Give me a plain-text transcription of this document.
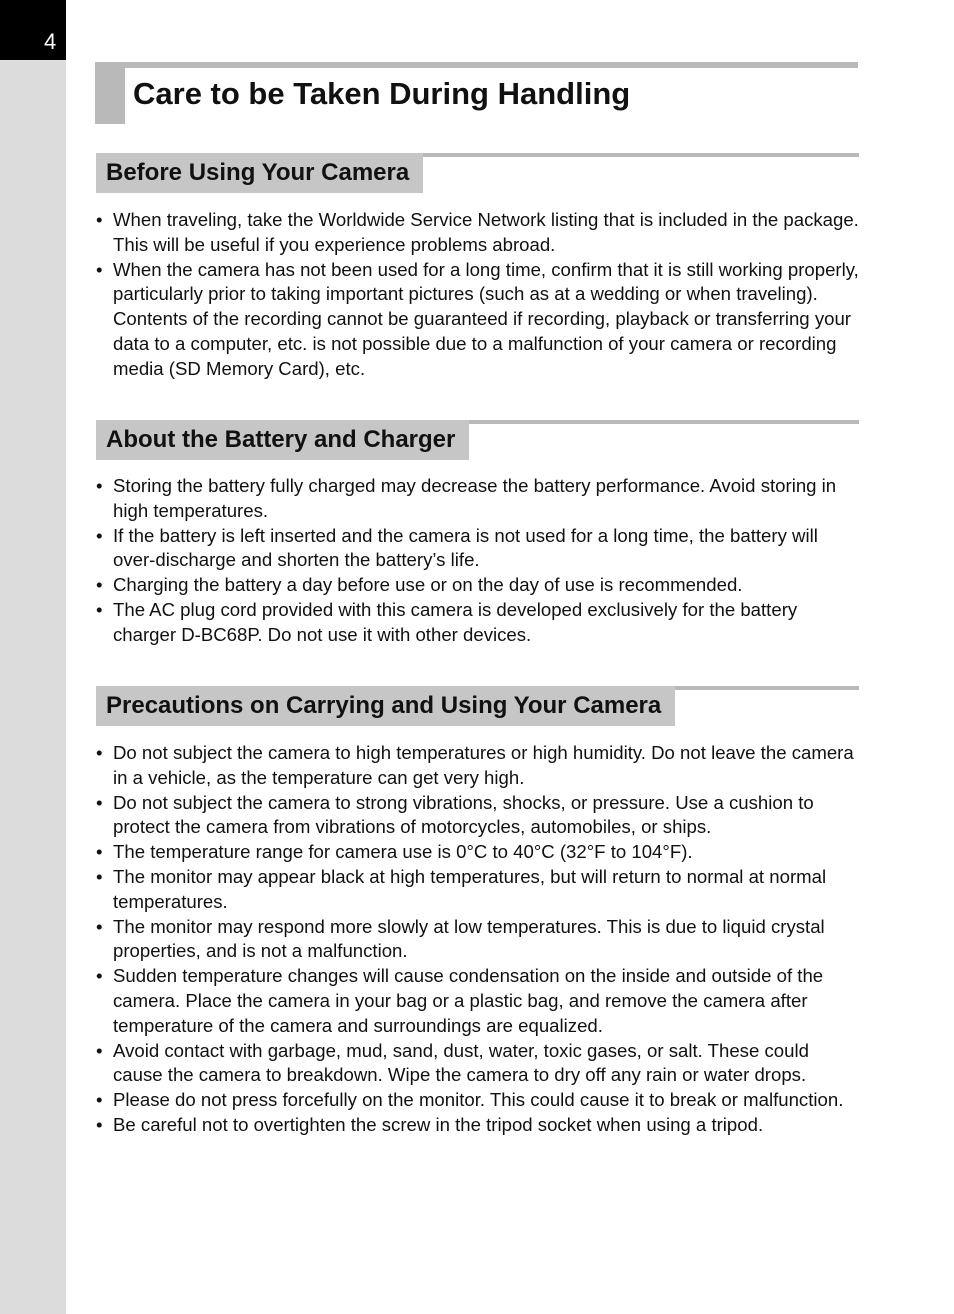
4
Care to be Taken During Handling
Before Using Your Camera
• When traveling, take the Worldwide Service Network listing that is included in the package. This will be useful if you experience problems abroad.
• When the camera has not been used for a long time, confirm that it is still working properly, particularly prior to taking important pictures (such as at a wedding or when traveling). Contents of the recording cannot be guaranteed if recording, playback or transferring your data to a computer, etc. is not possible due to a malfunction of your camera or recording media (SD Memory Card), etc.
About the Battery and Charger
• Storing the battery fully charged may decrease the battery performance. Avoid storing in high temperatures.
• If the battery is left inserted and the camera is not used for a long time, the battery will over-discharge and shorten the battery’s life.
• Charging the battery a day before use or on the day of use is recommended.
• The AC plug cord provided with this camera is developed exclusively for the battery charger D-BC68P. Do not use it with other devices.
Precautions on Carrying and Using Your Camera
• Do not subject the camera to high temperatures or high humidity. Do not leave the camera in a vehicle, as the temperature can get very high.
• Do not subject the camera to strong vibrations, shocks, or pressure. Use a cushion to protect the camera from vibrations of motorcycles, automobiles, or ships.
• The temperature range for camera use is 0°C to 40°C (32°F to 104°F).
• The monitor may appear black at high temperatures, but will return to normal at normal temperatures.
• The monitor may respond more slowly at low temperatures. This is due to liquid crystal properties, and is not a malfunction.
• Sudden temperature changes will cause condensation on the inside and outside of the camera. Place the camera in your bag or a plastic bag, and remove the camera after temperature of the camera and surroundings are equalized.
• Avoid contact with garbage, mud, sand, dust, water, toxic gases, or salt. These could cause the camera to breakdown. Wipe the camera to dry off any rain or water drops.
• Please do not press forcefully on the monitor. This could cause it to break or malfunction.
• Be careful not to overtighten the screw in the tripod socket when using a tripod.
